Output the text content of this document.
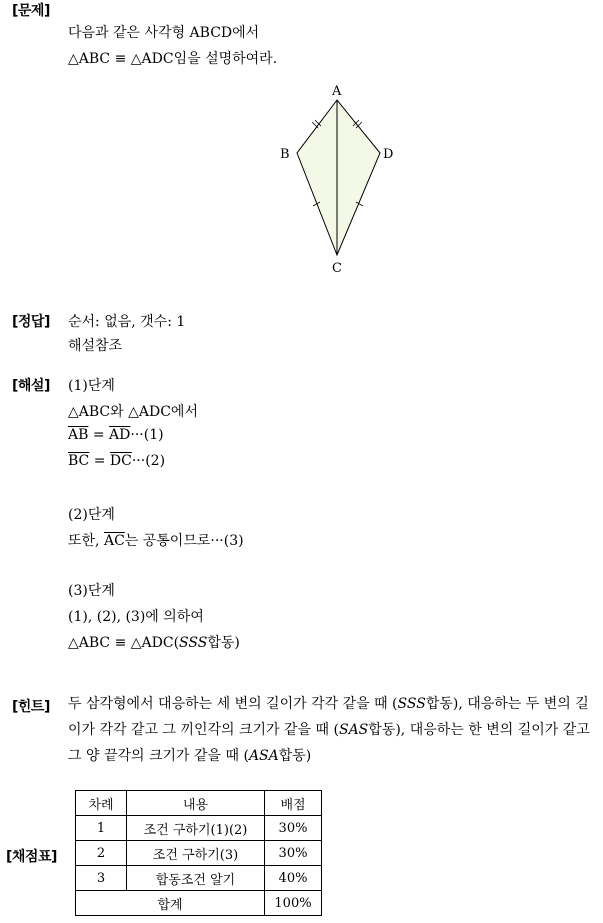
[문제]
다음과 같은 사각형 ABCD에서
△ABC ≡ △ADC임을 설명하여라.
A
B
C
D
[정답] 순서: 없음, 갯수: 1
해설참조
[해설] (1)단계
△ABC와 △ADC에서
$\overline{AB} = \overline{AD}\cdot\cdot\cdot(1)$
$\overline{BC} = \overline{DC}\cdot\cdot\cdot(2)$
(2)단계
또한, $\overline{AC}$는 공통이므로···(3)
(3)단계
(1), (2), (3)에 의하여
△ABC ≡ △ADC(SSS합동)
[힌트] 두 삼각형에서 대응하는 세 변의 길이가 각각 같을 때 (SSS합동), 대응하는 두 변의 길이가 각각 같고 그 끼인각의 크기가 같을 때 (SAS합동), 대응하는 한 변의 길이가 같고 그 양 끝각의 크기가 같을 때 (ASA합동)
[채점표]
차례	내용	배점
1	조건 구하기(1)(2)	30%
2	조건 구하기(3)	30%
3	합동조건 알기	40%
합계		100%
